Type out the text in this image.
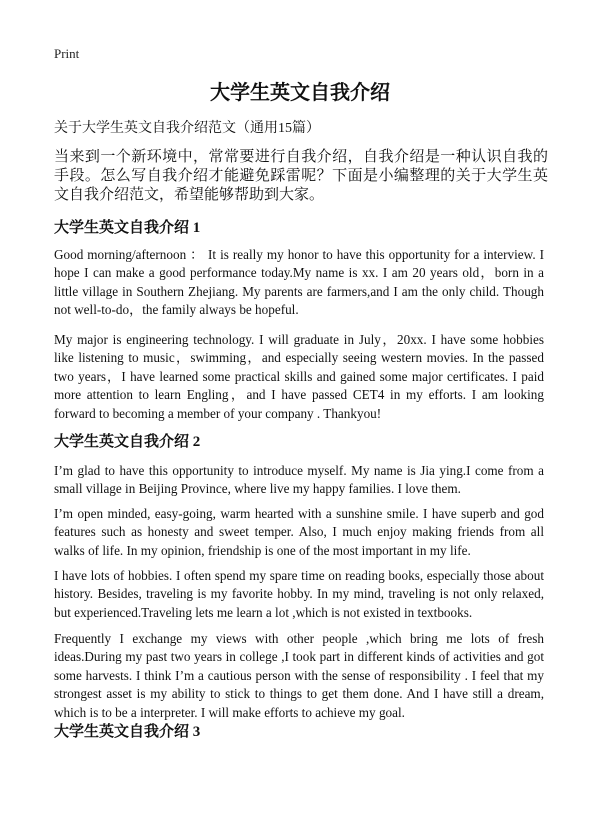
Print
大学生英文自我介绍
关于大学生英文自我介绍范文（通用15篇）
当来到一个新环境中，常常要进行自我介绍，自我介绍是一种认识自我的手段。怎么写自我介绍才能避免踩雷呢？下面是小编整理的关于大学生英文自我介绍范文，希望能够帮助到大家。
大学生英文自我介绍 1
Good morning/afternoon ： It is really my honor to have this opportunity for a interview. I hope I can make a good performance today.My name is xx. I am 20 years old，born in a little village in Southern Zhejiang. My parents are farmers,and I am the only child. Though not well-to-do，the family always be hopeful.
My major is engineering technology. I will graduate in July，20xx. I have some hobbies like listening to music，swimming，and especially seeing western movies. In the passed two years，I have learned some practical skills and gained some major certificates. I paid more attention to learn Engling，and I have passed CET4 in my efforts. I am looking forward to becoming a member of your company . Thankyou!
大学生英文自我介绍 2
I’m glad to have this opportunity to introduce myself. My name is Jia ying.I come from a small village in Beijing Province, where live my happy families. I love them.
I’m open minded, easy-going, warm hearted with a sunshine smile. I have superb and god features such as honesty and sweet temper. Also, I much enjoy making friends from all walks of life. In my opinion, friendship is one of the most important in my life.
I have lots of hobbies. I often spend my spare time on reading books, especially those about history. Besides, traveling is my favorite hobby. In my mind, traveling is not only relaxed, but experienced.Traveling lets me learn a lot ,which is not existed in textbooks.
Frequently I exchange my views with other people ,which bring me lots of fresh ideas.During my past two years in college ,I took part in different kinds of activities and got some harvests. I think I’m a cautious person with the sense of responsibility . I feel that my strongest asset is my ability to stick to things to get them done. And I have still a dream, which is to be a interpreter. I will make efforts to achieve my goal.
大学生英文自我介绍 3
